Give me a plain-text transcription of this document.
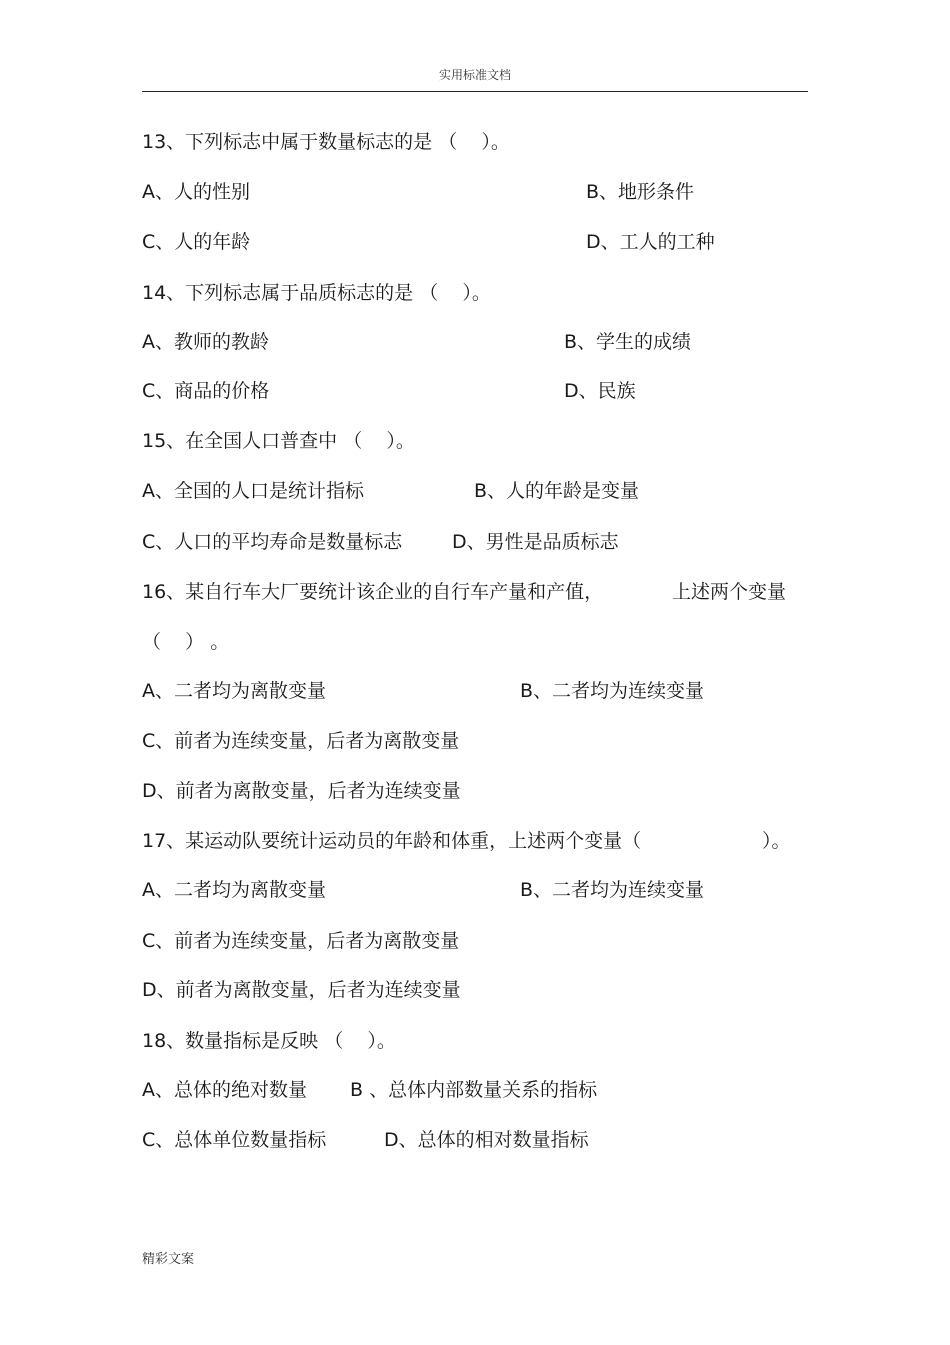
实用标准文档
13、下列标志中属于数量标志的是 （    ）。
A、人的性别	B、地形条件
C、人的年龄	D、工人的工种
14、下列标志属于品质标志的是 （    ）。
A、教师的教龄	B、学生的成绩
C、商品的价格	D、民族
15、在全国人口普查中 （    ）。
A、全国的人口是统计指标	B、人的年龄是变量
C、人口的平均寿命是数量标志	D、男性是品质标志
16、某自行车大厂要统计该企业的自行车产量和产值，	上述两个变量
（    ） 。
A、二者均为离散变量	B、二者均为连续变量
C、前者为连续变量，后者为离散变量
D、前者为离散变量，后者为连续变量
17、某运动队要统计运动员的年龄和体重，上述两个变量（	）。
A、二者均为离散变量	B、二者均为连续变量
C、前者为连续变量，后者为离散变量
D、前者为离散变量，后者为连续变量
18、数量指标是反映 （    ）。
A、总体的绝对数量 B 、总体内部数量关系的指标
C、总体单位数量指标	D、总体的相对数量指标
精彩文案
